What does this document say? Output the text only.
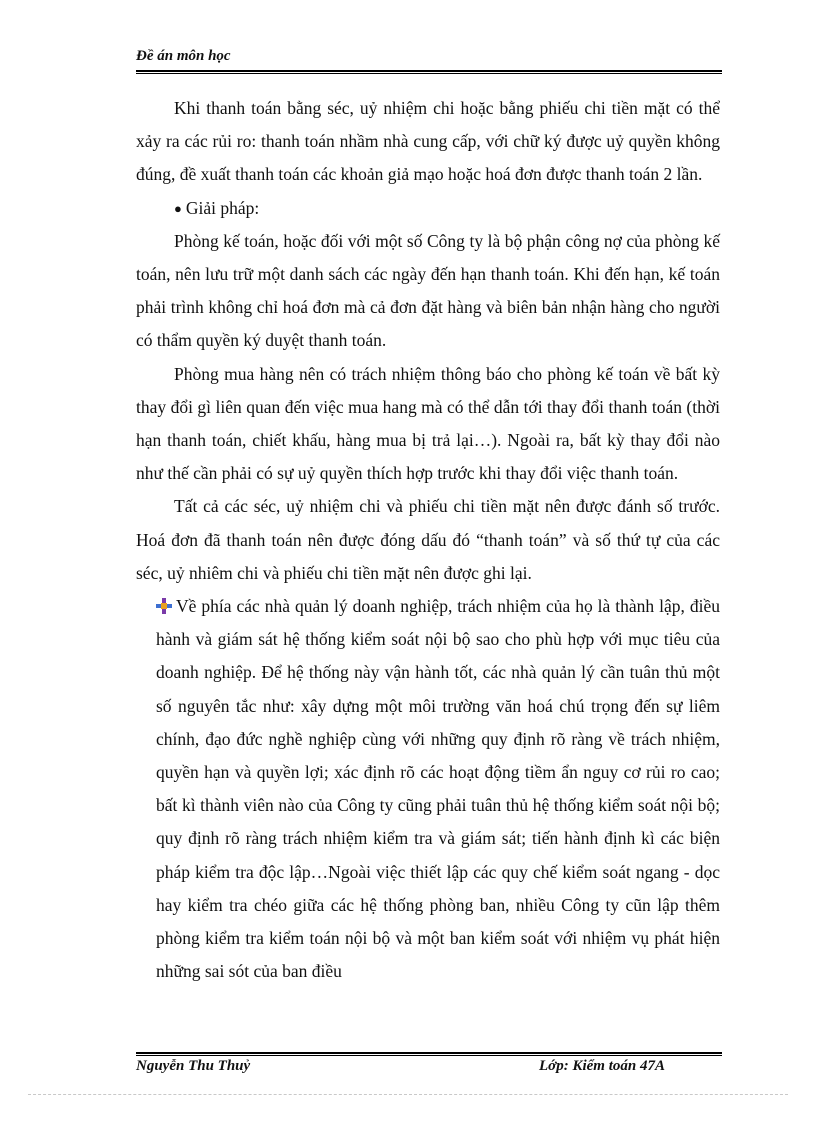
Đề án môn học

Khi thanh toán bằng séc, uỷ nhiệm chi hoặc bằng phiếu chi tiền mặt có thể xảy ra các rủi ro: thanh toán nhầm nhà cung cấp, với chữ ký được uỷ quyền không đúng, đề xuất thanh toán các khoản giả mạo hoặc hoá đơn được thanh toán 2 lần.

● Giải pháp:

Phòng kế toán, hoặc đối với một số Công ty là bộ phận công nợ của phòng kế toán, nên lưu trữ một danh sách các ngày đến hạn thanh toán. Khi đến hạn, kế toán phải trình không chỉ hoá đơn mà cả đơn đặt hàng và biên bản nhận hàng cho người có thẩm quyền ký duyệt thanh toán.

Phòng mua hàng nên có trách nhiệm thông báo cho phòng kế toán về bất kỳ thay đổi gì liên quan đến việc mua hang mà có thể dẫn tới thay đổi thanh toán (thời hạn thanh toán, chiết khấu, hàng mua bị trả lại…). Ngoài ra, bất kỳ thay đổi nào như thế cần phải có sự uỷ quyền thích hợp trước khi thay đổi việc thanh toán.

Tất cả các séc, uỷ nhiệm chi và phiếu chi tiền mặt nên được đánh số trước. Hoá đơn đã thanh toán nên được đóng dấu đó “thanh toán” và số thứ tự của các séc, uỷ nhiêm chi và phiếu chi tiền mặt nên được ghi lại.

Về phía các nhà quản lý doanh nghiệp, trách nhiệm của họ là thành lập, điều hành và giám sát hệ thống kiểm soát nội bộ sao cho phù hợp với mục tiêu của doanh nghiệp. Để hệ thống này vận hành tốt, các nhà quản lý cần tuân thủ một số nguyên tắc như: xây dựng một môi trường văn hoá chú trọng đến sự liêm chính, đạo đức nghề nghiệp cùng với những quy định rõ ràng về trách nhiệm, quyền hạn và quyền lợi; xác định rõ các hoạt động tiềm ẩn nguy cơ rủi ro cao; bất kì thành viên nào của Công ty cũng phải tuân thủ hệ thống kiểm soát nội bộ; quy định rõ ràng trách nhiệm kiểm tra và giám sát; tiến hành định kì các biện pháp kiểm tra độc lập…Ngoài việc thiết lập các quy chế kiểm soát ngang - dọc hay kiểm tra chéo giữa các hệ thống phòng ban, nhiều Công ty cũn lập thêm phòng kiểm tra kiểm toán nội bộ và một ban kiểm soát với nhiệm vụ phát hiện những sai sót của ban điều

Nguyễn Thu Thuỷ	Lớp: Kiểm toán 47A
